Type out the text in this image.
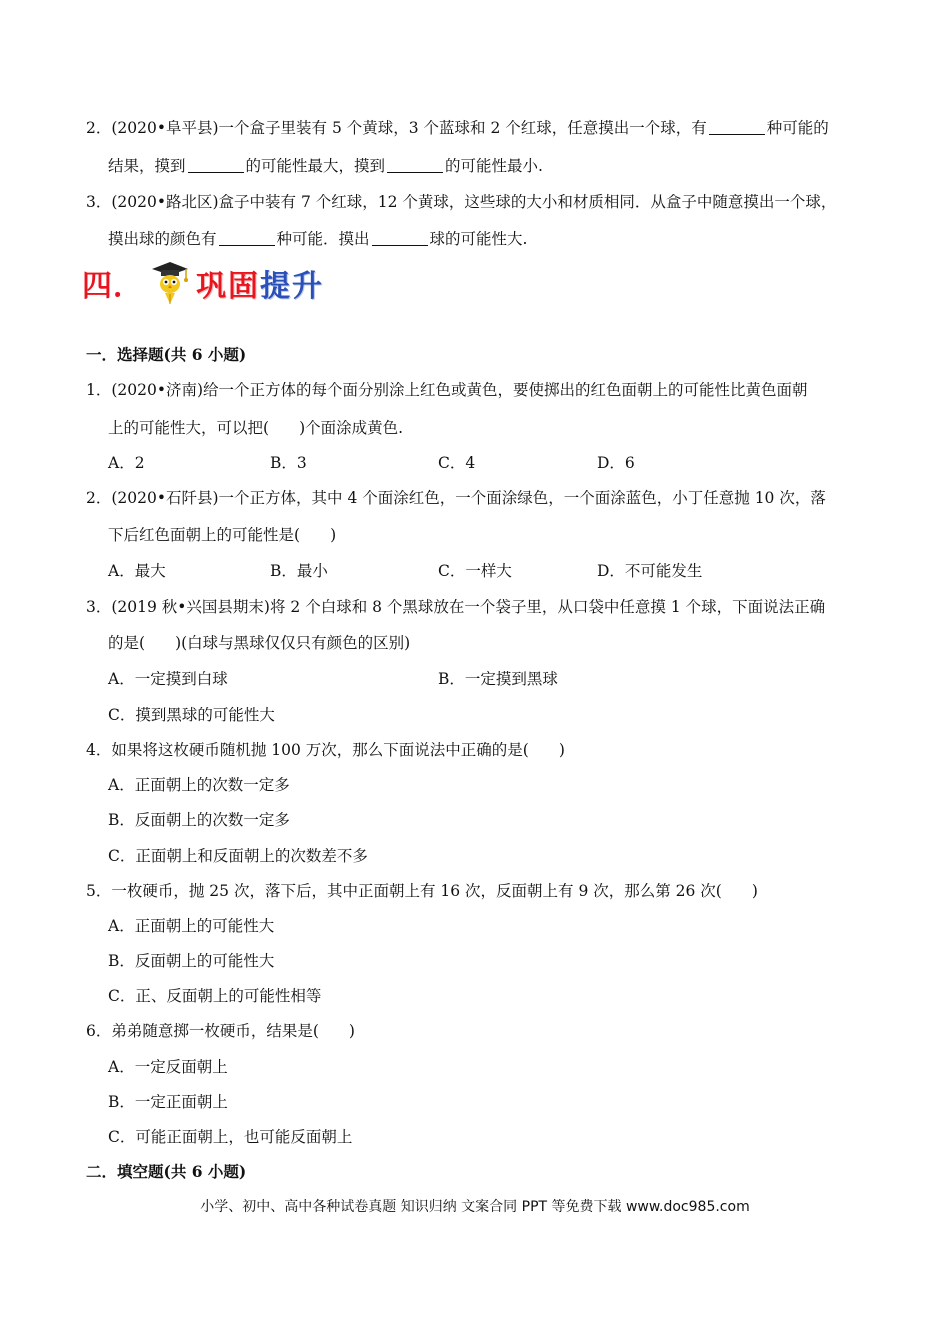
2．(2020•阜平县)一个盒子里装有 5 个黄球，3 个蓝球和 2 个红球，任意摸出一个球，有	种可能的
结果，摸到	的可能性最大，摸到	的可能性最小.
3．(2020•路北区)盒子中装有 7 个红球，12 个黄球，这些球的大小和材质相同．从盒子中随意摸出一个球，
摸出球的颜色有	种可能．摸出	球的可能性大.
四． 巩固提升
一．选择题(共 6 小题)
1．(2020•济南)给一个正方体的每个面分别涂上红色或黄色，要使掷出的红色面朝上的可能性比黄色面朝
上的可能性大，可以把( )个面涂成黄色.
A．2	B．3	C．4	D．6
2．(2020•石阡县)一个正方体，其中 4 个面涂红色，一个面涂绿色，一个面涂蓝色，小丁任意抛 10 次，落
下后红色面朝上的可能性是( )
A．最大	B．最小	C．一样大	D．不可能发生
3．(2019 秋•兴国县期末)将 2 个白球和 8 个黑球放在一个袋子里，从口袋中任意摸 1 个球，下面说法正确
的是( )(白球与黑球仅仅只有颜色的区别)
A．一定摸到白球	B．一定摸到黑球
C．摸到黑球的可能性大
4．如果将这枚硬币随机抛 100 万次，那么下面说法中正确的是( )
A．正面朝上的次数一定多
B．反面朝上的次数一定多
C．正面朝上和反面朝上的次数差不多
5．一枚硬币，抛 25 次，落下后，其中正面朝上有 16 次，反面朝上有 9 次，那么第 26 次( )
A．正面朝上的可能性大
B．反面朝上的可能性大
C．正、反面朝上的可能性相等
6．弟弟随意掷一枚硬币，结果是( )
A．一定反面朝上
B．一定正面朝上
C．可能正面朝上，也可能反面朝上
二．填空题(共 6 小题)
小学、初中、高中各种试卷真题 知识归纳 文案合同 PPT 等免费下载 www.doc985.com
